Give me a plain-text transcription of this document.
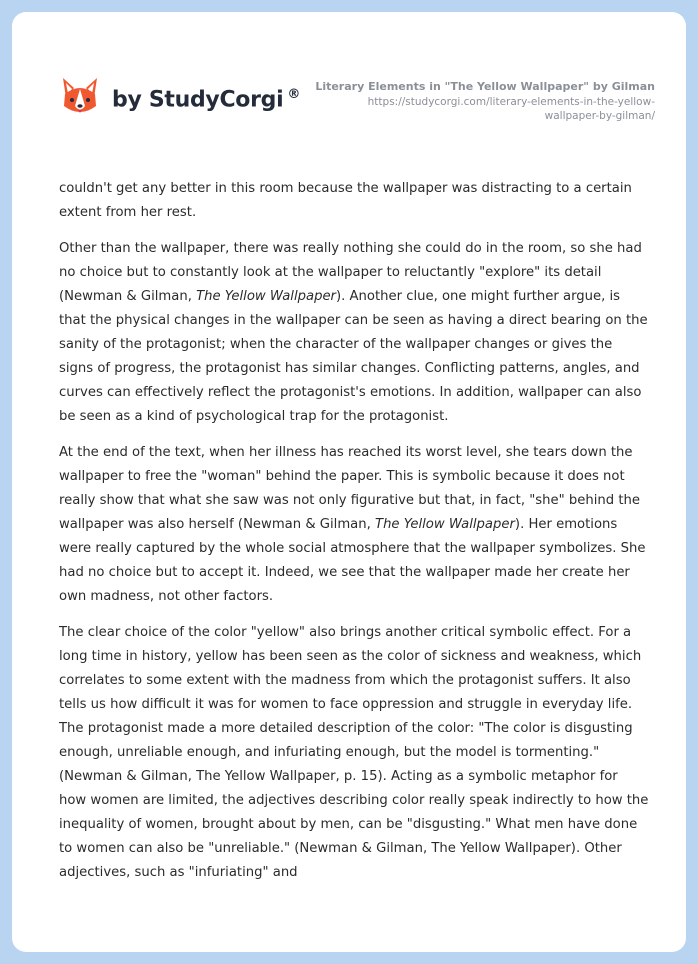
by StudyCorgi ®
Literary Elements in "The Yellow Wallpaper" by Gilman
https://studycorgi.com/literary-elements-in-the-yellow-wallpaper-by-gilman/

couldn't get any better in this room because the wallpaper was distracting to a certain extent from her rest.

Other than the wallpaper, there was really nothing she could do in the room, so she had no choice but to constantly look at the wallpaper to reluctantly "explore" its detail (Newman & Gilman, The Yellow Wallpaper). Another clue, one might further argue, is that the physical changes in the wallpaper can be seen as having a direct bearing on the sanity of the protagonist; when the character of the wallpaper changes or gives the signs of progress, the protagonist has similar changes. Conflicting patterns, angles, and curves can effectively reflect the protagonist's emotions. In addition, wallpaper can also be seen as a kind of psychological trap for the protagonist.

At the end of the text, when her illness has reached its worst level, she tears down the wallpaper to free the "woman" behind the paper. This is symbolic because it does not really show that what she saw was not only figurative but that, in fact, "she" behind the wallpaper was also herself (Newman & Gilman, The Yellow Wallpaper). Her emotions were really captured by the whole social atmosphere that the wallpaper symbolizes. She had no choice but to accept it. Indeed, we see that the wallpaper made her create her own madness, not other factors.

The clear choice of the color "yellow" also brings another critical symbolic effect. For a long time in history, yellow has been seen as the color of sickness and weakness, which correlates to some extent with the madness from which the protagonist suffers. It also tells us how difficult it was for women to face oppression and struggle in everyday life. The protagonist made a more detailed description of the color: "The color is disgusting enough, unreliable enough, and infuriating enough, but the model is tormenting." (Newman & Gilman, The Yellow Wallpaper, p. 15). Acting as a symbolic metaphor for how women are limited, the adjectives describing color really speak indirectly to how the inequality of women, brought about by men, can be "disgusting." What men have done to women can also be "unreliable." (Newman & Gilman, The Yellow Wallpaper). Other adjectives, such as "infuriating" and
